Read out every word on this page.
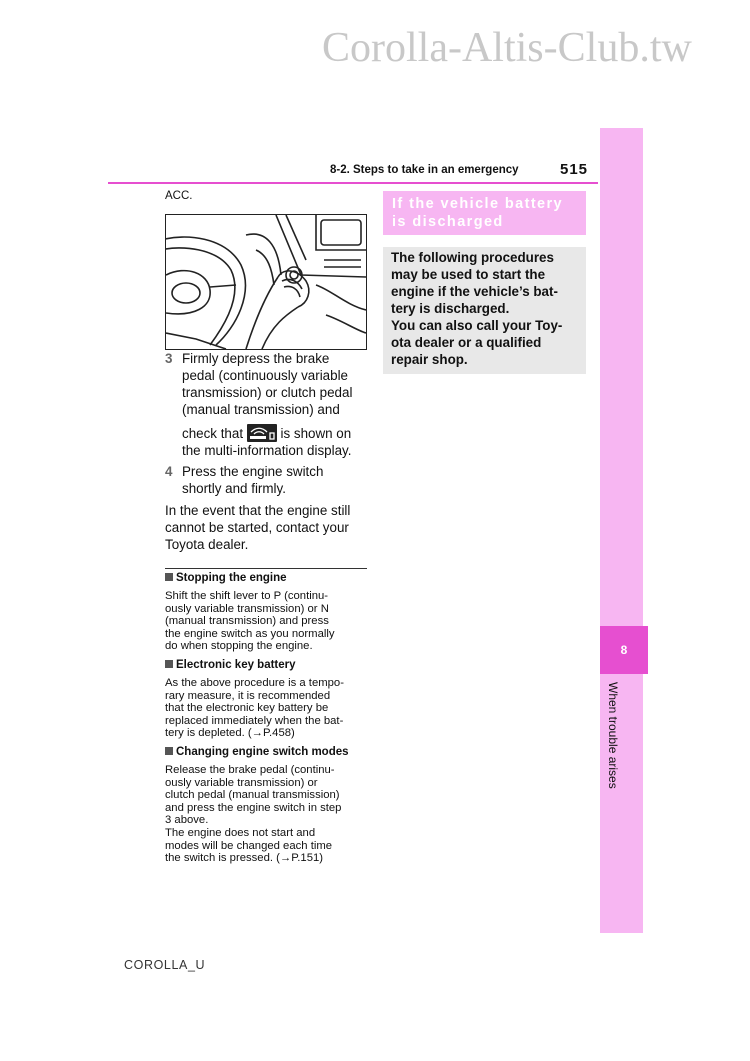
Corolla-Altis-Club.tw
8
When trouble arises
8-2. Steps to take in an emergency	515
ACC.
3 Firmly depress the brake
pedal (continuously variable
transmission) or clutch pedal
(manual transmission) and
check that
is shown on
the multi-information display.
4 Press the engine switch
shortly and firmly.
In the event that the engine still
cannot be started, contact your
Toyota dealer.
Stopping the engine
Shift the shift lever to P (continu-
ously variable transmission) or N
(manual transmission) and press
the engine switch as you normally
do when stopping the engine.
Electronic key battery
As the above procedure is a tempo-
rary measure, it is recommended
that the electronic key battery be
replaced immediately when the bat-
tery is depleted. (→P.458)
Changing engine switch modes
Release the brake pedal (continu-
ously variable transmission) or
clutch pedal (manual transmission)
and press the engine switch in step
3 above.
The engine does not start and
modes will be changed each time
the switch is pressed. (→P.151)
If the vehicle battery
is discharged
The following procedures
may be used to start the
engine if the vehicle’s bat-
tery is discharged.
You can also call your Toy-
ota dealer or a qualified
repair shop.
COROLLA_U
